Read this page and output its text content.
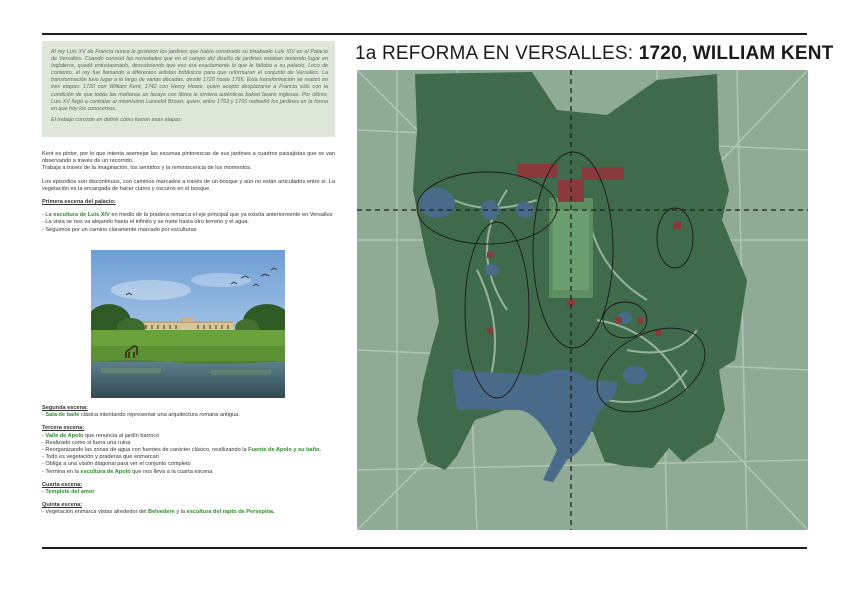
Al rey Luis XV de Francia nunca le gustaron los jardines que había construido su bisabuelo Luis XIV en el Palacio de Versalles. Cuando conoció las novedades que en el campo del diseño de jardines estaban teniendo lugar en Inglaterra, quedó entusiasmado, descubriendo que eso era exactamente lo que le faltaba a su palacio. Loco de contento, el rey fue llamando a diferentes artistas británicos para que reformaran el conjunto de Versalles. La transformación tuvo lugar a lo largo de varias décadas, desde 1720 hasta 1765. Esta transformación se realizó en tres etapas: 1720 con William Kent, 1742 con Henry Hoare, quien aceptó desplazarse a Francia sólo con la condición de que todas las mañanas un lacayo con librea le sirviera auténticas baked beans inglesas. Por último, Luis XV llegó a contratar al mismísimo Lancelot Brown, quien, entre 1753 y 1765 rediseñó los jardines en la forma en que hoy los conocemos.

El trabajo consiste en definir cómo fueron esas etapas:

Kent es pintor, por lo que intenta asemejar las escenas pintorescas de sus jardines a cuadros paisajistas que se van observando a través de un recorrido.
Trabaja a través de la imaginación, los sentidos y la reminiscencia de los momentos.

Los episodios son discontinuos, con caminos marcados a través de un bosque y aún no están articulados entre sí. La vegetación es la encargada de hacer claros y oscuros en el bosque.

Primera escena del palacio:

- La escultura de Luis XIV en medio de la pradera remarca el eje principal que ya existía anteriormente en Versalles
- La vista se nos va alejando hasta el infinito y se mete hasta otro terreno y el agua.
- Seguimos por un camino claramente marcado por esculturas

Segunda escena:

- Sala de baile clásica intentando representar una arquitectura romana antigua.

Tercera escena:

- Valle de Apolo que renuncia al jardín barroco
- Realizado como si fuera una ruina
- Reorganizando las zonas de agua con fuentes de carácter clásico, reutilizando la Fuente de Apolo y su baño.
- Todo es vegetación y praderas que enmarcan
- Obliga a una visión diagonal para ver el conjunto completo
- Termina en la escultura de Apolo que nos lleva a la cuarta escena

Cuarta escena:

- Templete del amor

Quinta escena:

- Vegetación enmarca vistas alrededor del Belvedere y la escultura del rapto de Persepina.
1a REFORMA EN VERSALLES: 1720, WILLIAM KENT
